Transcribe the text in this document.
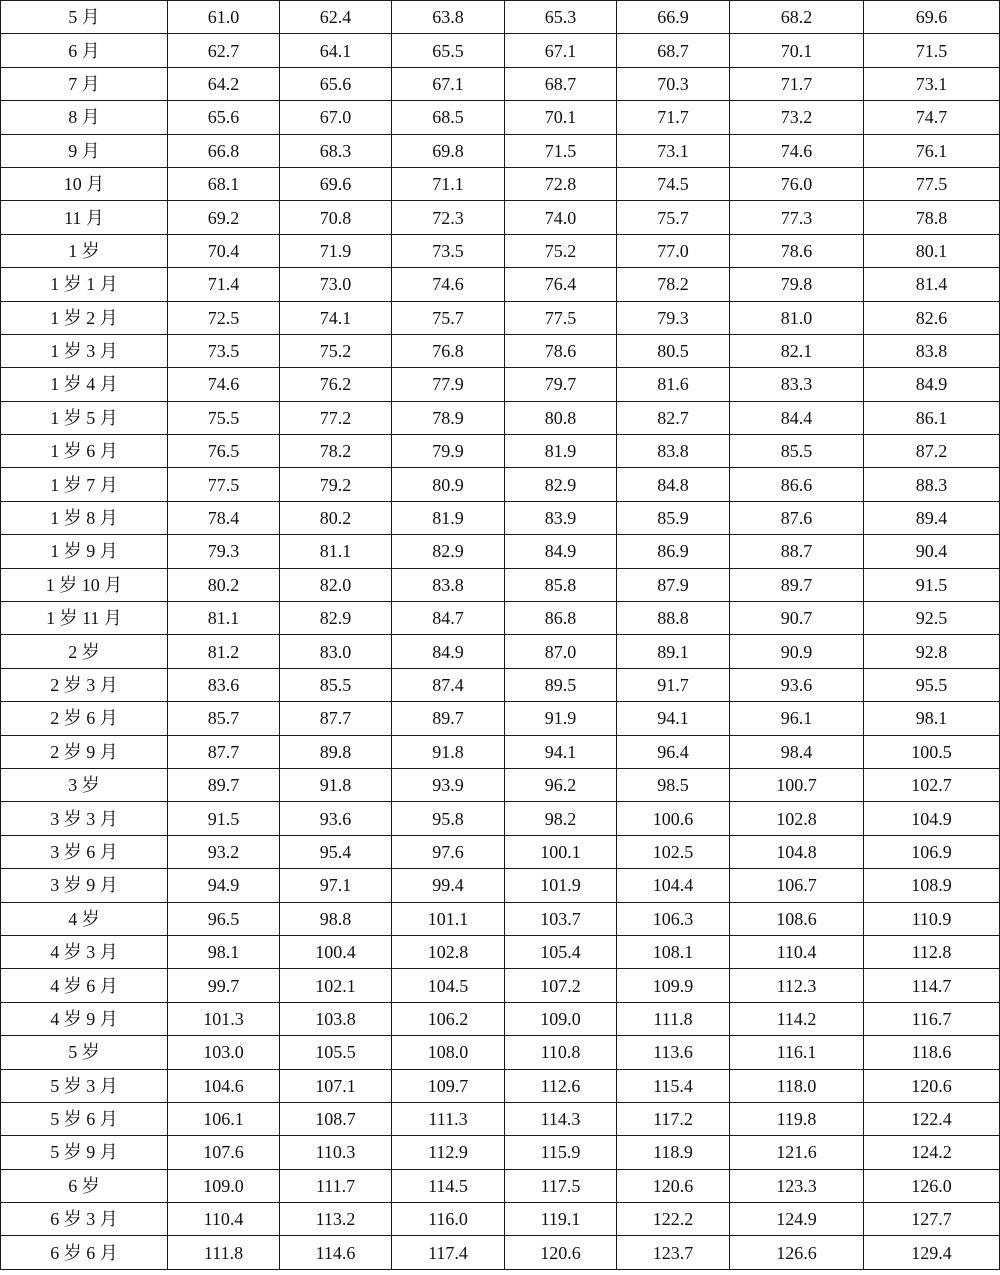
5 月	61.0	62.4	63.8	65.3	66.9	68.2	69.6
6 月	62.7	64.1	65.5	67.1	68.7	70.1	71.5
7 月	64.2	65.6	67.1	68.7	70.3	71.7	73.1
8 月	65.6	67.0	68.5	70.1	71.7	73.2	74.7
9 月	66.8	68.3	69.8	71.5	73.1	74.6	76.1
10 月	68.1	69.6	71.1	72.8	74.5	76.0	77.5
11 月	69.2	70.8	72.3	74.0	75.7	77.3	78.8
1 岁	70.4	71.9	73.5	75.2	77.0	78.6	80.1
1 岁 1 月	71.4	73.0	74.6	76.4	78.2	79.8	81.4
1 岁 2 月	72.5	74.1	75.7	77.5	79.3	81.0	82.6
1 岁 3 月	73.5	75.2	76.8	78.6	80.5	82.1	83.8
1 岁 4 月	74.6	76.2	77.9	79.7	81.6	83.3	84.9
1 岁 5 月	75.5	77.2	78.9	80.8	82.7	84.4	86.1
1 岁 6 月	76.5	78.2	79.9	81.9	83.8	85.5	87.2
1 岁 7 月	77.5	79.2	80.9	82.9	84.8	86.6	88.3
1 岁 8 月	78.4	80.2	81.9	83.9	85.9	87.6	89.4
1 岁 9 月	79.3	81.1	82.9	84.9	86.9	88.7	90.4
1 岁 10 月	80.2	82.0	83.8	85.8	87.9	89.7	91.5
1 岁 11 月	81.1	82.9	84.7	86.8	88.8	90.7	92.5
2 岁	81.2	83.0	84.9	87.0	89.1	90.9	92.8
2 岁 3 月	83.6	85.5	87.4	89.5	91.7	93.6	95.5
2 岁 6 月	85.7	87.7	89.7	91.9	94.1	96.1	98.1
2 岁 9 月	87.7	89.8	91.8	94.1	96.4	98.4	100.5
3 岁	89.7	91.8	93.9	96.2	98.5	100.7	102.7
3 岁 3 月	91.5	93.6	95.8	98.2	100.6	102.8	104.9
3 岁 6 月	93.2	95.4	97.6	100.1	102.5	104.8	106.9
3 岁 9 月	94.9	97.1	99.4	101.9	104.4	106.7	108.9
4 岁	96.5	98.8	101.1	103.7	106.3	108.6	110.9
4 岁 3 月	98.1	100.4	102.8	105.4	108.1	110.4	112.8
4 岁 6 月	99.7	102.1	104.5	107.2	109.9	112.3	114.7
4 岁 9 月	101.3	103.8	106.2	109.0	111.8	114.2	116.7
5 岁	103.0	105.5	108.0	110.8	113.6	116.1	118.6
5 岁 3 月	104.6	107.1	109.7	112.6	115.4	118.0	120.6
5 岁 6 月	106.1	108.7	111.3	114.3	117.2	119.8	122.4
5 岁 9 月	107.6	110.3	112.9	115.9	118.9	121.6	124.2
6 岁	109.0	111.7	114.5	117.5	120.6	123.3	126.0
6 岁 3 月	110.4	113.2	116.0	119.1	122.2	124.9	127.7
6 岁 6 月	111.8	114.6	117.4	120.6	123.7	126.6	129.4
